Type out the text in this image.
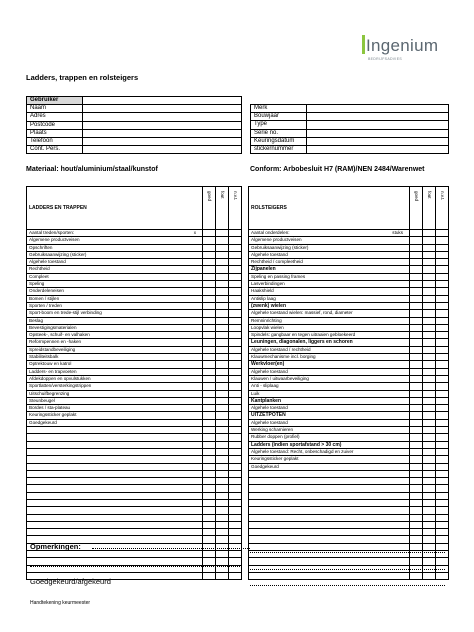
Ingenium
BEDRIJFSADVIES
Ladders, trappen en rolsteigers
Gebruiker	
Naam	
Adres	
Postcode	
Plaats	
Telefoon	
Cont. Pers.	
Merk	
Bouwjaar	
Type	
Serie no.	
Keuringsdatum	
stickernummer	
Materiaal: hout/aluminium/staal/kunstof	Conform: Arbobesluit H7 (RAM)/NEN 2484/Warenwet
LADDERS EN TRAPPEN	goed	fout	n.v.t.

Aantal treden/sporten: x			

Algemene productveisen			
Opschriften			
Gebruiksaanwijzing (sticker)			
Algehele toestand			
Rechtheid			
Compleet			
Speling			
Onderdeleneisen			
Bomen / stijlen			
Sporten / treden			
Sport-boom en trede-stijl verbinding			
Beslag			
Bevestigingsmaterialen			
Opsteek-, schuif- en valhaken			
Reformpennen en -haken			
Spreidstandbeveiliging			
Stabiliteitsbalk			
Optrektouw en katrol			
Ladders- en trapvoeten			
Afdekdoppen en opvulstukken			
Sportlatten/versterkingstrippen			
Uitschuifbegrenzing			
Steunbeugel			
Bordes / sta-plateau			
Keuringssticker geplakt			
Goedgekeurd			

ROLSTEIGERS	goed	fout	n.v.t.

Aantal onderdelen: stuks			

Algemene productveisen			
Gebruiksaanwijzing (sticker)			
Algehele toestand			
Rechtheid / compleetheid			
Zijpanelen			
Speling en passing frames			
Lasverbindingen			
Haakshield			
Antislip laag			
(zwenk) wielen			
Algehele toestand wielen: massief, rond, diameter			
Remninrichting			
Loopvlak wielen			
Spindels: gangbaar en tegen uitraaien gebloekeerd			
Leuningen, diagonalen, liggers en schoren			
Algehele toestand / rechtheid			
Klauwmechanisme incl. borging			
Werkvloer(en)			
Algehele toestand			
Klauwen / uitwaarbeveiliging			
Anti - sliplaag			
Luik			
Kantplanken			
Algehele toestand			
UITZETPOTEN			
Algehele toestand			
Werking scharnieren			
Rubber doppen (profiel)			
Ladders (indien sportafstand > 30 cm)			
Algehele toestand: Recht, onbeschadigd en zuiver			
Keuringssticker geplakt			
Goedgekeurd			

Opmerkingen:
Goedgekeurd/afgekeurd
Handtekening keurmeester
